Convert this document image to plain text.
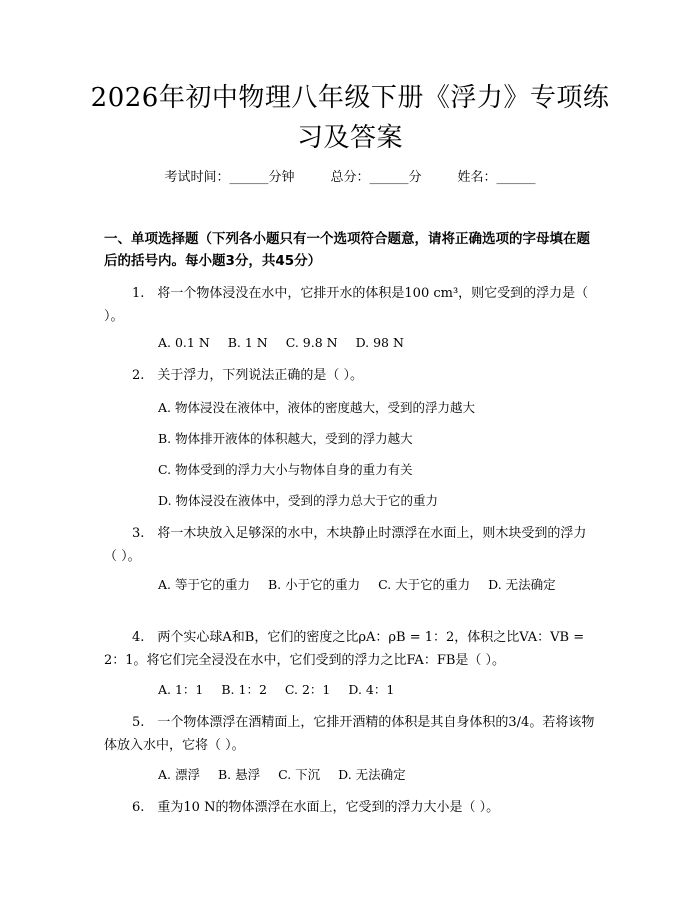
2026年初中物理八年级下册《浮力》专项练习及答案
考试时间：______分钟	总分：______分	姓名：______
一、单项选择题（下列各小题只有一个选项符合题意，请将正确选项的字母填在题后的括号内。每小题3分，共45分）
1.　将一个物体浸没在水中，它排开水的体积是100 cm³，则它受到的浮力是（ ）。
A. 0.1 N B. 1 N C. 9.8 N D. 98 N
2.　关于浮力，下列说法正确的是（ ）。
A. 物体浸没在液体中，液体的密度越大，受到的浮力越大
B. 物体排开液体的体积越大，受到的浮力越大
C. 物体受到的浮力大小与物体自身的重力有关
D. 物体浸没在液体中，受到的浮力总大于它的重力
3.　将一木块放入足够深的水中，木块静止时漂浮在水面上，则木块受到的浮力（ ）。
A. 等于它的重力 B. 小于它的重力 C. 大于它的重力 D. 无法确定
4.　两个实心球A和B，它们的密度之比ρA：ρB = 1：2，体积之比VA：VB = 2：1。将它们完全浸没在水中，它们受到的浮力之比FA：FB是（ ）。
A. 1：1 B. 1：2 C. 2：1 D. 4：1
5.　一个物体漂浮在酒精面上，它排开酒精的体积是其自身体积的3/4。若将该物体放入水中，它将（ ）。
A. 漂浮 B. 悬浮 C. 下沉 D. 无法确定
6.　重为10 N的物体漂浮在水面上，它受到的浮力大小是（ ）。
